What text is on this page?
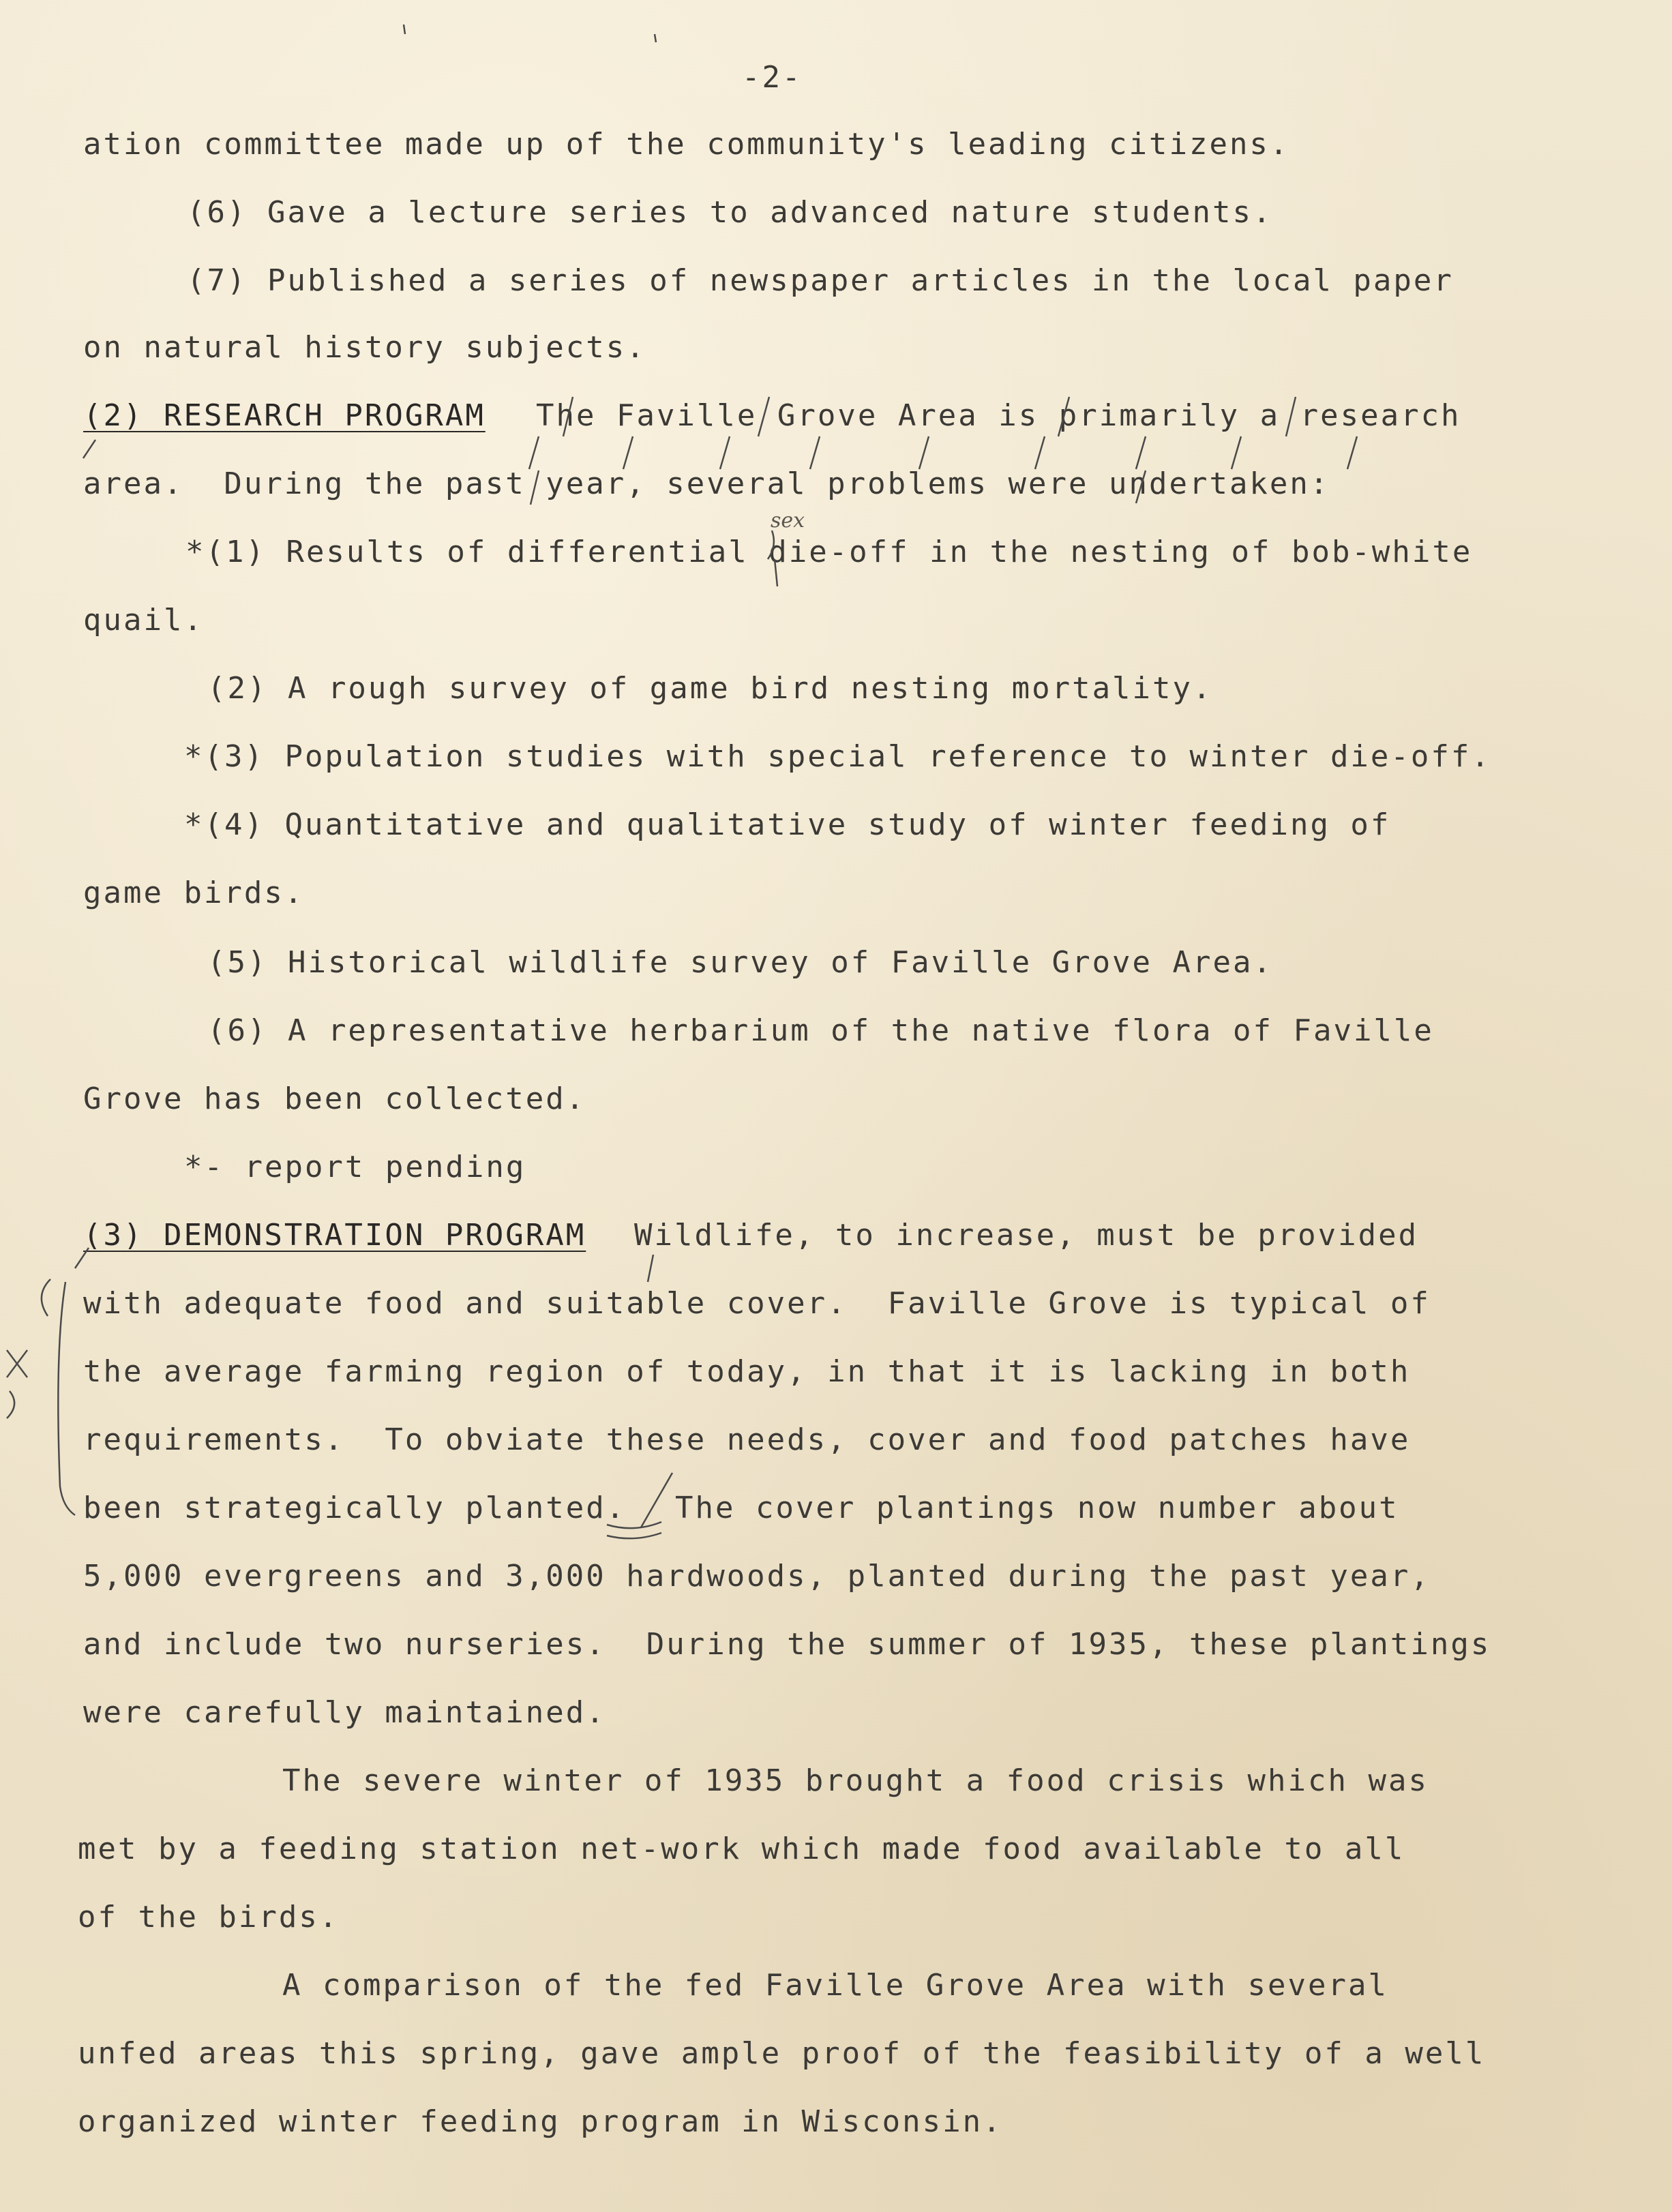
-2-
ation committee made up of the community's leading citizens.
(6) Gave a lecture series to advanced nature students.
(7) Published a series of newspaper articles in the local paper
on natural history subjects.
(2) RESEARCH PROGRAM The Faville Grove Area is primarily a research
area.  During the past year, several problems were undertaken:
*(1) Results of differential die-off in the nesting of bob-white
quail.
(2) A rough survey of game bird nesting mortality.
*(3) Population studies with special reference to winter die-off.
*(4) Quantitative and qualitative study of winter feeding of
game birds.
(5) Historical wildlife survey of Faville Grove Area.
(6) A representative herbarium of the native flora of Faville
Grove has been collected.
*- report pending
(3) DEMONSTRATION PROGRAM Wildlife, to increase, must be provided
with adequate food and suitable cover.  Faville Grove is typical of
the average farming region of today, in that it is lacking in both
requirements.  To obviate these needs, cover and food patches have
been strategically planted. The cover plantings now number about
5,000 evergreens and 3,000 hardwoods, planted during the past year,
and include two nurseries.  During the summer of 1935, these plantings
were carefully maintained.
The severe winter of 1935 brought a food crisis which was
met by a feeding station net-work which made food available to all
of the birds.
A comparison of the fed Faville Grove Area with several
unfed areas this spring, gave ample proof of the feasibility of a well
organized winter feeding program in Wisconsin.
sex
